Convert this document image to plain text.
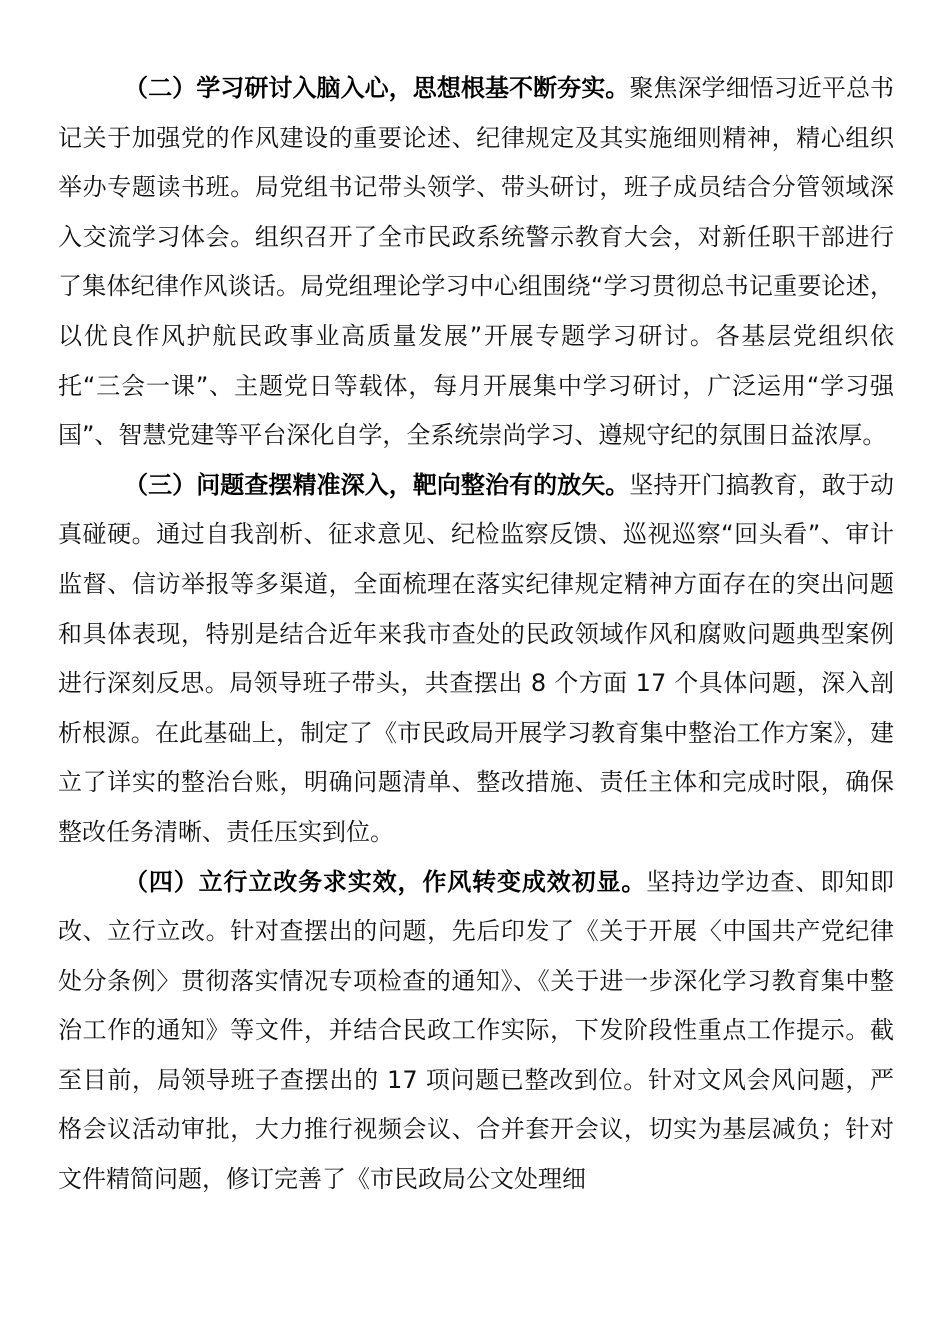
（二）学习研讨入脑入心，思想根基不断夯实。聚焦深学细悟习近平总书记关于加强党的作风建设的重要论述、纪律规定及其实施细则精神，精心组织举办专题读书班。局党组书记带头领学、带头研讨，班子成员结合分管领域深入交流学习体会。组织召开了全市民政系统警示教育大会，对新任职干部进行了集体纪律作风谈话。局党组理论学习中心组围绕“学习贯彻总书记重要论述，以优良作风护航民政事业高质量发展”开展专题学习研讨。各基层党组织依托“三会一课”、主题党日等载体，每月开展集中学习研讨，广泛运用“学习强国”、智慧党建等平台深化自学，全系统崇尚学习、遵规守纪的氛围日益浓厚。

（三）问题查摆精准深入，靶向整治有的放矢。坚持开门搞教育，敢于动真碰硬。通过自我剖析、征求意见、纪检监察反馈、巡视巡察“回头看”、审计监督、信访举报等多渠道，全面梳理在落实纪律规定精神方面存在的突出问题和具体表现，特别是结合近年来我市查处的民政领域作风和腐败问题典型案例进行深刻反思。局领导班子带头，共查摆出 8 个方面 17 个具体问题，深入剖析根源。在此基础上，制定了《市民政局开展学习教育集中整治工作方案》，建立了详实的整治台账，明确问题清单、整改措施、责任主体和完成时限，确保整改任务清晰、责任压实到位。

（四）立行立改务求实效，作风转变成效初显。坚持边学边查、即知即改、立行立改。针对查摆出的问题，先后印发了《关于开展〈中国共产党纪律处分条例〉贯彻落实情况专项检查的通知》、《关于进一步深化学习教育集中整治工作的通知》等文件，并结合民政工作实际，下发阶段性重点工作提示。截至目前，局领导班子查摆出的 17 项问题已整改到位。针对文风会风问题，严格会议活动审批，大力推行视频会议、合并套开会议，切实为基层减负；针对文件精简问题，修订完善了《市民政局公文处理细
